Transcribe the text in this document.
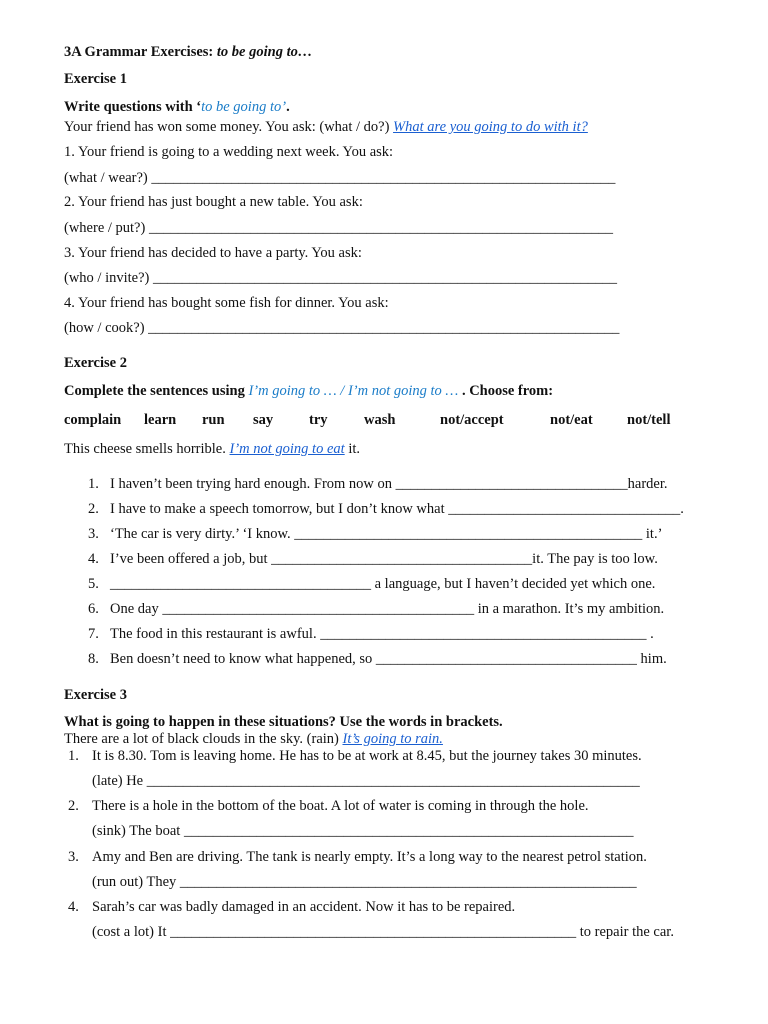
3A Grammar Exercises: to be going to…
Exercise 1
Write questions with ‘to be going to’.
Your friend has won some money. You ask: (what / do?) What are you going to do with it?
1. Your friend is going to a wedding next week. You ask:
(what / wear?) ________________________________________________________________
2. Your friend has just bought a new table. You ask:
(where / put?) ________________________________________________________________
3. Your friend has decided to have a party. You ask:
(who / invite?) ________________________________________________________________
4. Your friend has bought some fish for dinner. You ask:
(how / cook?) _________________________________________________________________
Exercise 2
Complete the sentences using I’m going to … / I’m not going to … . Choose from:
complain learn run say try	wash	not/accept	not/eat not/tell
This cheese smells horrible. I’m not going to eat it.
1. I haven’t been trying hard enough. From now on ________________________________harder.
2. I have to make a speech tomorrow, but I don’t know what ________________________________.
3. ‘The car is very dirty.’ ‘I know. ________________________________________________ it.’
4. I’ve been offered a job, but ____________________________________it. The pay is too low.
5. ____________________________________ a language, but I haven’t decided yet which one.
6. One day ___________________________________________ in a marathon. It’s my ambition.
7. The food in this restaurant is awful. _____________________________________________ .
8. Ben doesn’t need to know what happened, so ____________________________________ him.
Exercise 3
What is going to happen in these situations? Use the words in brackets.
There are a lot of black clouds in the sky. (rain) It’s going to rain.
1. It is 8.30. Tom is leaving home. He has to be at work at 8.45, but the journey takes 30 minutes.
(late) He ____________________________________________________________________
2. There is a hole in the bottom of the boat. A lot of water is coming in through the hole.
(sink) The boat ______________________________________________________________
3. Amy and Ben are driving. The tank is nearly empty. It’s a long way to the nearest petrol station.
(run out) They _______________________________________________________________
4. Sarah’s car was badly damaged in an accident. Now it has to be repaired.
(cost a lot) It ________________________________________________________ to repair the car.
